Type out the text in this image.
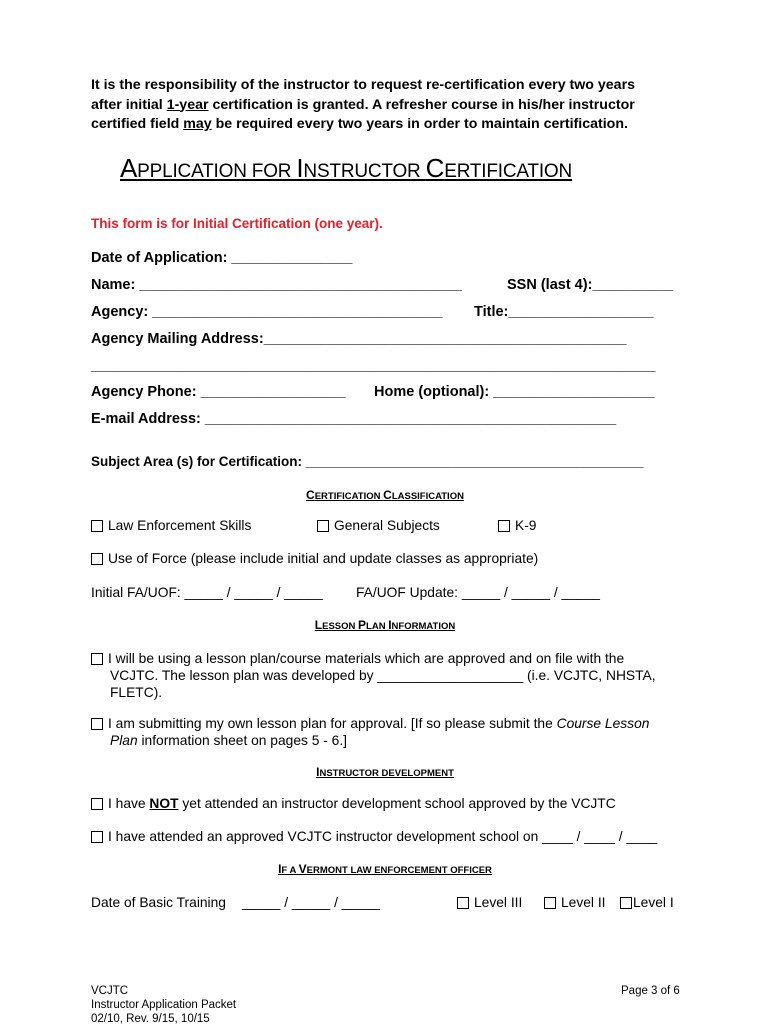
It is the responsibility of the instructor to request re-certification every two years
after initial 1-year certification is granted. A refresher course in his/her instructor
certified field may be required every two years in order to maintain certification.
APPLICATION FOR INSTRUCTOR CERTIFICATION
This form is for Initial Certification (one year).
Date of Application: _______________
Name: ________________________________________	SSN (last 4):__________
Agency: ____________________________________ Title:__________________
Agency Mailing Address:_____________________________________________
______________________________________________________________________
Agency Phone: __________________ Home (optional): ____________________
E-mail Address: ___________________________________________________
Subject Area (s) for Certification: _____________________________________________
CERTIFICATION CLASSIFICATION
Law Enforcement Skills	General Subjects	K-9
Use of Force (please include initial and update classes as appropriate)
Initial FA/UOF: _____ / _____ / _____ FA/UOF Update: _____ / _____ / _____
LESSON PLAN INFORMATION
I will be using a lesson plan/course materials which are approved and on file with the
VCJTC. The lesson plan was developed by ___________________ (i.e. VCJTC, NHSTA,
FLETC).
I am submitting my own lesson plan for approval. [If so please submit the Course Lesson
Plan information sheet on pages 5 - 6.]
INSTRUCTOR DEVELOPMENT
I have NOT yet attended an instructor development school approved by the VCJTC
I have attended an approved VCJTC instructor development school on ____ / ____ / ____
IF A VERMONT LAW ENFORCEMENT OFFICER
Date of Basic Training _____ / _____ / _____	Level III	Level II	Level I
VCJTC
Instructor Application Packet
02/10, Rev. 9/15, 10/15
Page 3 of 6
